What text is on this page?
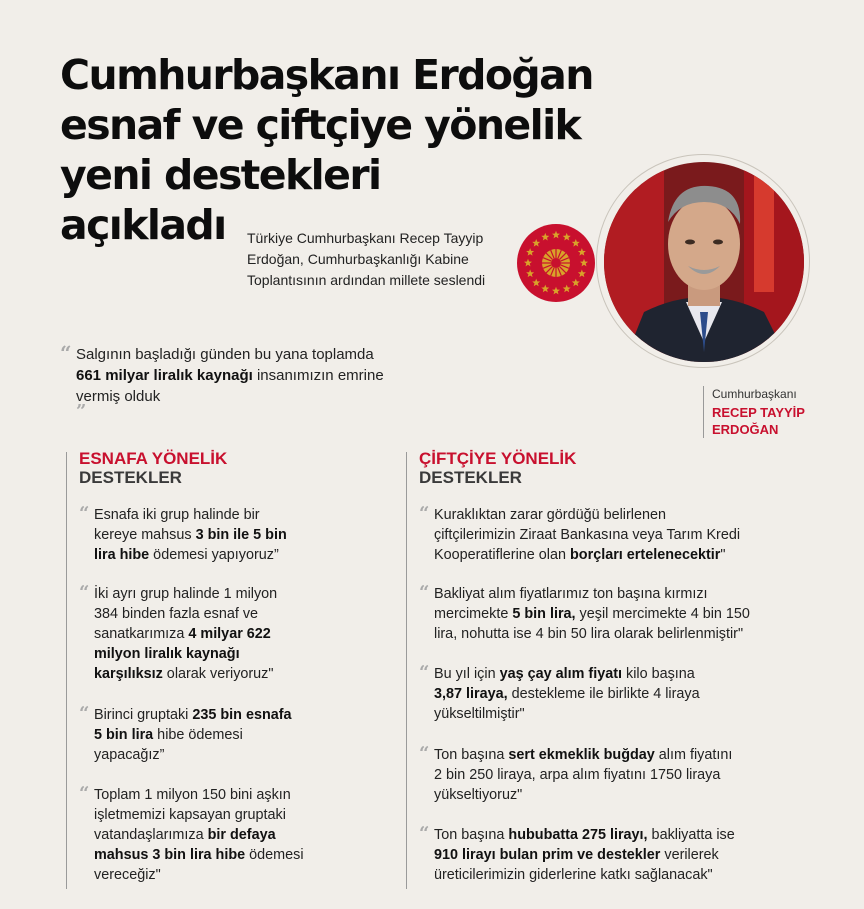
Cumhurbaşkanı Erdoğan
esnaf ve çiftçiye yönelik
yeni destekleri
açıkladı	Türkiye Cumhurbaşkanı Recep Tayyip Erdoğan, Cumhurbaşkanlığı Kabine Toplantısının ardından millete seslendi
Cumhurbaşkanı
RECEP TAYYİP
ERDOĞAN
“ Salgının başladığı günden bu yana toplamda
661 milyar liralık kaynağı insanımızın emrine
vermiş olduk
”
ESNAFA YÖNELİK
DESTEKLER
ÇİFTÇİYE YÖNELİK
DESTEKLER
“ Esnafa iki grup halinde bir
kereye mahsus 3 bin ile 5 bin
lira hibe ödemesi yapıyoruz”
“ İki ayrı grup halinde 1 milyon
384 binden fazla esnaf ve
sanatkarımıza 4 milyar 622
milyon liralık kaynağı
karşılıksız olarak veriyoruz"
“ Birinci gruptaki 235 bin esnafa
5 bin lira hibe ödemesi
yapacağız”
“ Toplam 1 milyon 150 bini aşkın
işletmemizi kapsayan gruptaki
vatandaşlarımıza bir defaya
mahsus 3 bin lira hibe ödemesi
vereceğiz"
“ Kuraklıktan zarar gördüğü belirlenen
çiftçilerimizin Ziraat Bankasına veya Tarım Kredi
Kooperatiflerine olan borçları ertelenecektir"
“ Bakliyat alım fiyatlarımız ton başına kırmızı
mercimekte 5 bin lira, yeşil mercimekte 4 bin 150
lira, nohutta ise 4 bin 50 lira olarak belirlenmiştir"
“ Bu yıl için yaş çay alım fiyatı kilo başına
3,87 liraya, destekleme ile birlikte 4 liraya
yükseltilmiştir"
“ Ton başına sert ekmeklik buğday alım fiyatını
2 bin 250 liraya, arpa alım fiyatını 1750 liraya
yükseltiyoruz"
“ Ton başına hububatta 275 lirayı, bakliyatta ise
910 lirayı bulan prim ve destekler verilerek
üreticilerimizin giderlerine katkı sağlanacak"
